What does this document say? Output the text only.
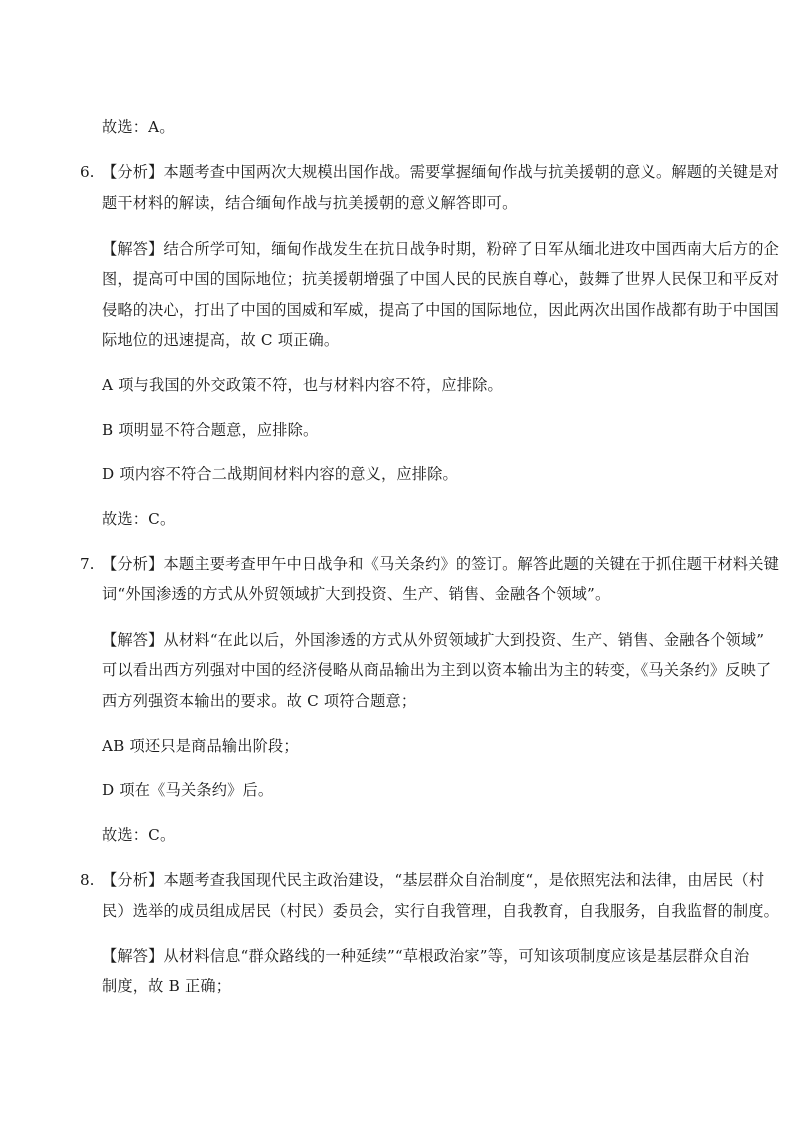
故选：A。
6. 【分析】本题考查中国两次大规模出国作战。需要掌握缅甸作战与抗美援朝的意义。解题的关键是对
题干材料的解读，结合缅甸作战与抗美援朝的意义解答即可。
【解答】结合所学可知，缅甸作战发生在抗日战争时期，粉碎了日军从缅北进攻中国西南大后方的企
图，提高可中国的国际地位；抗美援朝增强了中国人民的民族自尊心，鼓舞了世界人民保卫和平反对
侵略的决心，打出了中国的国威和军威，提高了中国的国际地位，因此两次出国作战都有助于中国国
际地位的迅速提高，故 C 项正确。
A 项与我国的外交政策不符，也与材料内容不符，应排除。
B 项明显不符合题意，应排除。
D 项内容不符合二战期间材料内容的意义，应排除。
故选：C。
7. 【分析】本题主要考查甲午中日战争和《马关条约》的签订。解答此题的关键在于抓住题干材料关键
词“外国渗透的方式从外贸领域扩大到投资、生产、销售、金融各个领域”。
【解答】从材料“在此以后，外国渗透的方式从外贸领域扩大到投资、生产、销售、金融各个领域”
可以看出西方列强对中国的经济侵略从商品输出为主到以资本输出为主的转变，《马关条约》反映了
西方列强资本输出的要求。故 C 项符合题意；
AB 项还只是商品输出阶段；
D 项在《马关条约》后。
故选：C。
8. 【分析】本题考查我国现代民主政治建设，“基层群众自治制度“，是依照宪法和法律，由居民（村
民）选举的成员组成居民（村民）委员会，实行自我管理，自我教育，自我服务，自我监督的制度。
【解答】从材料信息“群众路线的一种延续”“草根政治家”等，可知该项制度应该是基层群众自治
制度，故 B 正确；
